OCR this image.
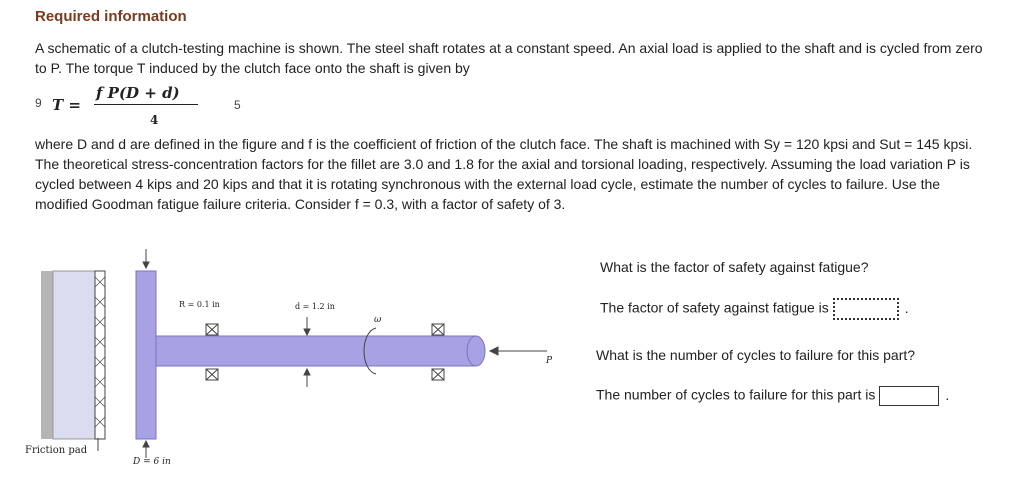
Required information
A schematic of a clutch-testing machine is shown. The steel shaft rotates at a constant speed. An axial load is applied to the shaft and is cycled from zero to P. The torque T induced by the clutch face onto the shaft is given by
9 T =
f P(D + d)
4
5
where D and d are defined in the figure and f is the coefficient of friction of the clutch face. The shaft is machined with Sy = 120 kpsi and Sut = 145 kpsi. The theoretical stress-concentration factors for the fillet are 3.0 and 1.8 for the axial and torsional loading, respectively. Assuming the load variation P is cycled between 4 kips and 20 kips and that it is rotating synchronous with the external load cycle, estimate the number of cycles to failure. Use the modified Goodman fatigue failure criteria. Consider f = 0.3, with a factor of safety of 3.
R = 0.1 in	d = 1.2 in
ω
P
Friction pad
D = 6 in
What is the factor of safety against fatigue?
The factor of safety against fatigue is	.
What is the number of cycles to failure for this part?
The number of cycles to failure for this part is	.
